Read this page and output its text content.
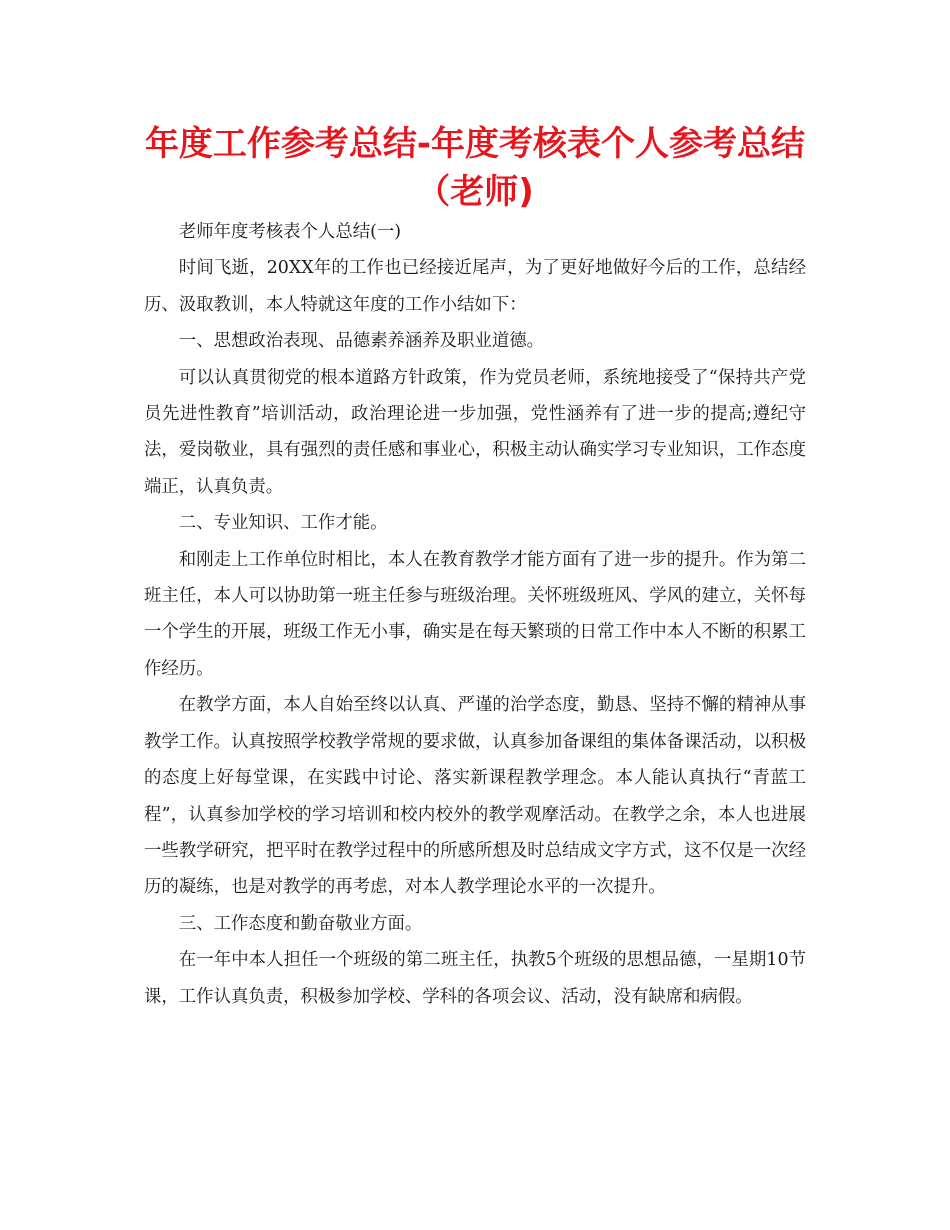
年度工作参考总结-年度考核表个人参考总结（老师)

老师年度考核表个人总结(一)

时间飞逝，20XX年的工作也已经接近尾声，为了更好地做好今后的工作，总结经历、汲取教训，本人特就这年度的工作小结如下：

一、思想政治表现、品德素养涵养及职业道德。

可以认真贯彻党的根本道路方针政策，作为党员老师，系统地接受了“保持共产党员先进性教育”培训活动，政治理论进一步加强，党性涵养有了进一步的提高;遵纪守法，爱岗敬业，具有强烈的责任感和事业心，积极主动认确实学习专业知识，工作态度端正，认真负责。

二、专业知识、工作才能。

和刚走上工作单位时相比，本人在教育教学才能方面有了进一步的提升。作为第二班主任，本人可以协助第一班主任参与班级治理。关怀班级班风、学风的建立，关怀每一个学生的开展，班级工作无小事，确实是在每天繁琐的日常工作中本人不断的积累工作经历。

在教学方面，本人自始至终以认真、严谨的治学态度，勤恳、坚持不懈的精神从事教学工作。认真按照学校教学常规的要求做，认真参加备课组的集体备课活动，以积极的态度上好每堂课，在实践中讨论、落实新课程教学理念。本人能认真执行“青蓝工程”，认真参加学校的学习培训和校内校外的教学观摩活动。在教学之余，本人也进展一些教学研究，把平时在教学过程中的所感所想及时总结成文字方式，这不仅是一次经历的凝练，也是对教学的再考虑，对本人教学理论水平的一次提升。

三、工作态度和勤奋敬业方面。

在一年中本人担任一个班级的第二班主任，执教5个班级的思想品德，一星期10节课，工作认真负责，积极参加学校、学科的各项会议、活动，没有缺席和病假。
